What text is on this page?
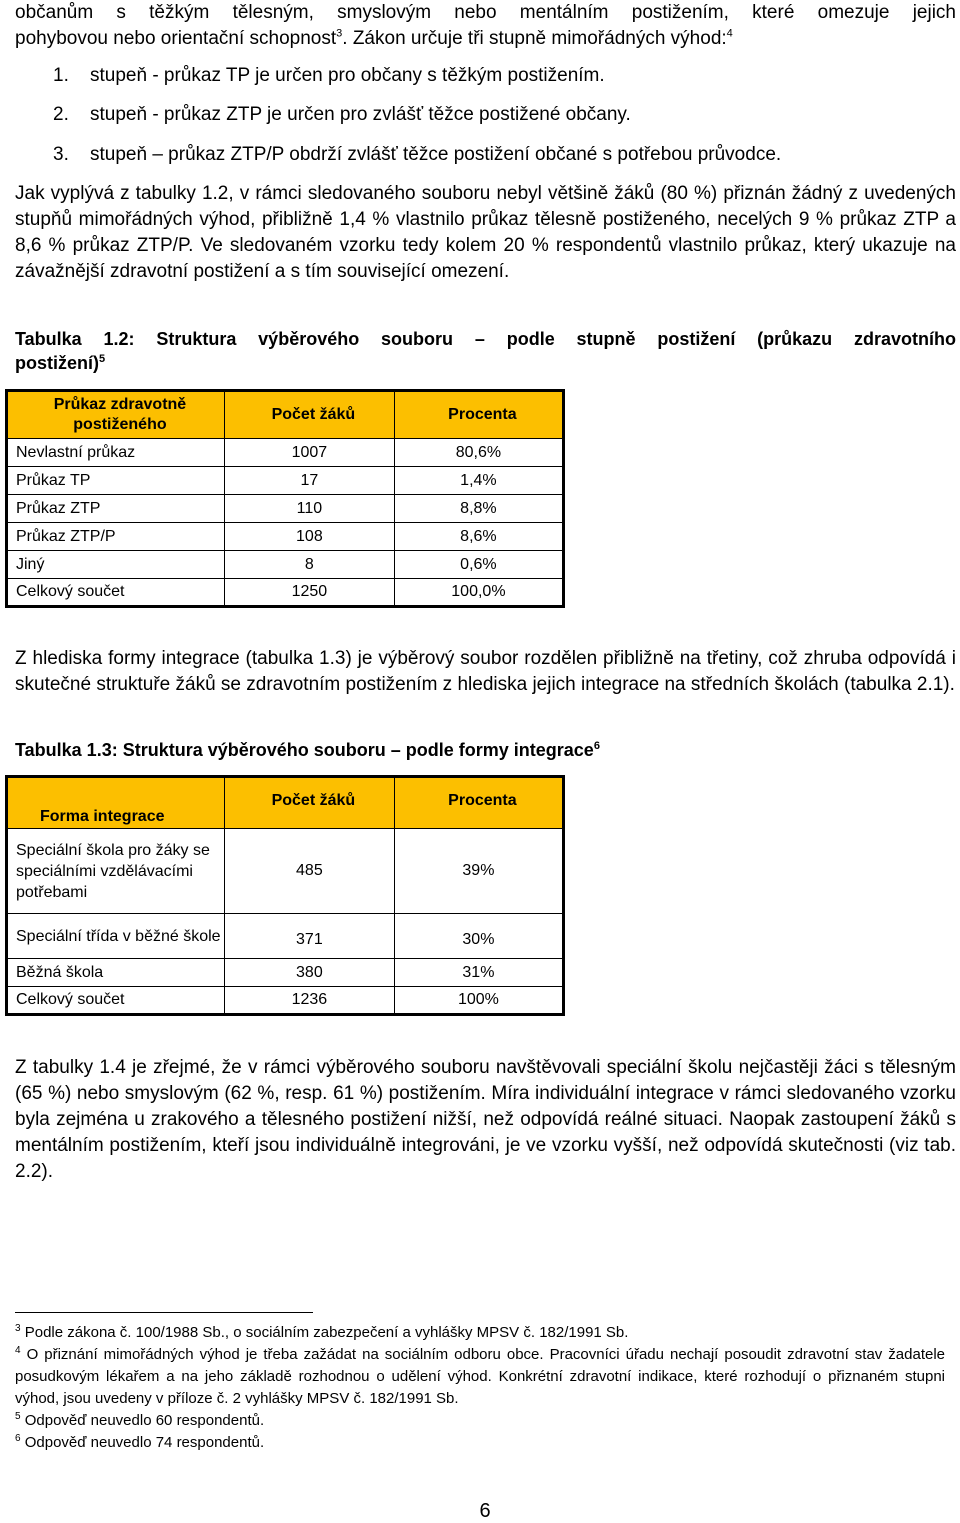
občanům s těžkým tělesným, smyslovým nebo mentálním postižením, které omezuje jejich

pohybovou nebo orientační schopnost$^3$. Zákon určuje tři stupně mimořádných výhod:$^4$

1. stupeň - průkaz TP je určen pro občany s těžkým postižením.
2. stupeň - průkaz ZTP je určen pro zvlášť těžce postižené občany.
3. stupeň – průkaz ZTP/P obdrží zvlášť těžce postižení občané s potřebou průvodce.

Jak vyplývá z tabulky 1.2, v rámci sledovaného souboru nebyl většině žáků (80 %) přiznán žádný z uvedených stupňů mimořádných výhod, přibližně 1,4 % vlastnilo průkaz tělesně postiženého, necelých 9 % průkaz ZTP a 8,6 % průkaz ZTP/P. Ve sledovaném vzorku tedy kolem 20 % respondentů vlastnilo průkaz, který ukazuje na závažnější zdravotní postižení a s tím související omezení.

Tabulka 1.2: Struktura výběrového souboru – podle stupně postižení (průkazu zdravotního
postižení)$^5$
Průkaz zdravotně postiženého	Počet žáků	Procenta
Nevlastní průkaz	1007	80,6%
Průkaz TP	17	1,4%
Průkaz ZTP	110	8,8%
Průkaz ZTP/P	108	8,6%
Jiný	8	0,6%
Celkový součet	1250	100,0%

Z hlediska formy integrace (tabulka 1.3) je výběrový soubor rozdělen přibližně na třetiny, což zhruba odpovídá i skutečné struktuře žáků se zdravotním postižením z hlediska jejich integrace na středních školách (tabulka 2.1).

Tabulka 1.3: Struktura výběrového souboru – podle formy integrace$^6$
Forma integrace	Počet žáků	Procenta
Speciální škola pro žáky se speciálními vzdělávacími potřebami	485	39%
Speciální třída v běžné škole	371	30%
Běžná škola	380	31%
Celkový součet	1236	100%

Z tabulky 1.4 je zřejmé, že v rámci výběrového souboru navštěvovali speciální školu nejčastěji žáci s tělesným (65 %) nebo smyslovým (62 %, resp. 61 %) postižením. Míra individuální integrace v rámci sledovaného vzorku byla zejména u zrakového a tělesného postižení nižší, než odpovídá reálné situaci. Naopak zastoupení žáků s mentálním postižením, kteří jsou individuálně integrováni, je ve vzorku vyšší, než odpovídá skutečnosti (viz tab. 2.2).

$^3$ Podle zákona č. 100/1988 Sb., o sociálním zabezpečení a vyhlášky MPSV č. 182/1991 Sb.
$^4$ O přiznání mimořádných výhod je třeba zažádat na sociálním odboru obce. Pracovníci úřadu nechají posoudit zdravotní stav žadatele posudkovým lékařem a na jeho základě rozhodnou o udělení výhod. Konkrétní zdravotní indikace, které rozhodují o přiznaném stupni výhod, jsou uvedeny v příloze č. 2 vyhlášky MPSV č. 182/1991 Sb.
$^5$ Odpověď neuvedlo 60 respondentů.
$^6$ Odpověď neuvedlo 74 respondentů.
6
